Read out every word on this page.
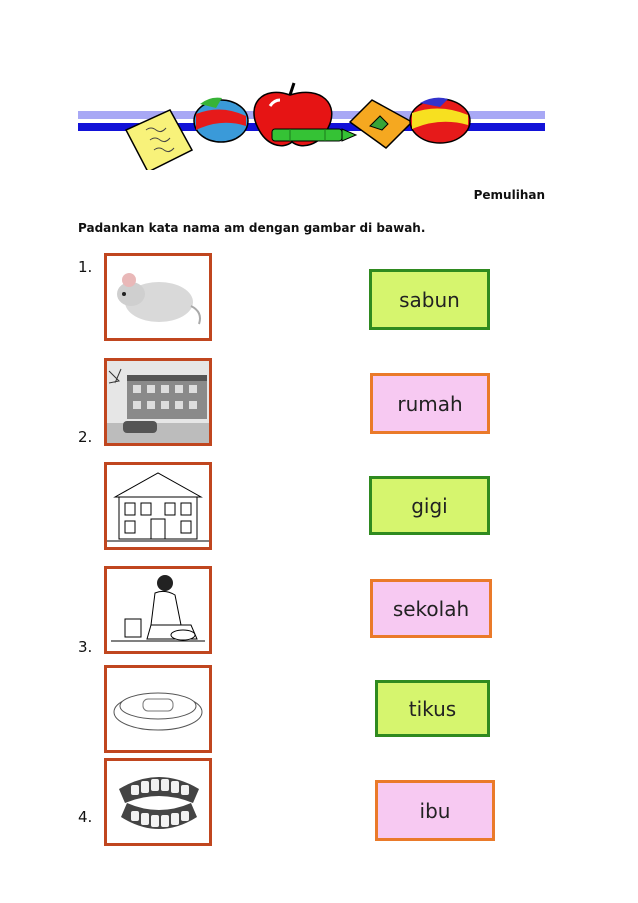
Pemulihan
Padankan kata nama am dengan gambar di bawah.
1.
2.
3.
4.
sabun
rumah
gigi
sekolah
tikus
ibu
